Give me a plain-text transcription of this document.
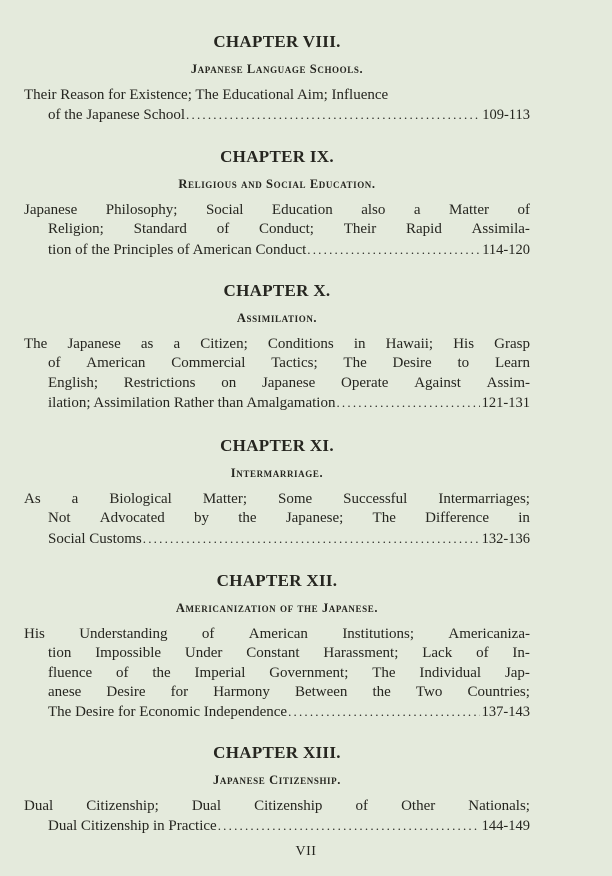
CHAPTER VIII.
Japanese Language Schools.
Their Reason for Existence; The Educational Aim; Influence
of the Japanese School .....	109-113
CHAPTER IX.
Religious and Social Education.
Japanese Philosophy; Social Education also a Matter of
Religion; Standard of Conduct; Their Rapid Assimila-
tion of the Principles of American Conduct .....	114-120
CHAPTER X.
Assimilation.
The Japanese as a Citizen; Conditions in Hawaii; His Grasp
of American Commercial Tactics; The Desire to Learn
English; Restrictions on Japanese Operate Against Assim-
ilation; Assimilation Rather than Amalgamation .....	121-131
CHAPTER XI.
Intermarriage.
As a Biological Matter; Some Successful Intermarriages;
Not Advocated by the Japanese; The Difference in
Social Customs .....	132-136
CHAPTER XII.
Americanization of the Japanese.
His Understanding of American Institutions; Americaniza-
tion Impossible Under Constant Harassment; Lack of In-
fluence of the Imperial Government; The Individual Jap-
anese Desire for Harmony Between the Two Countries;
The Desire for Economic Independence .....	137-143
CHAPTER XIII.
Japanese Citizenship.
Dual Citizenship; Dual Citizenship of Other Nationals;
Dual Citizenship in Practice .....	144-149
VII
